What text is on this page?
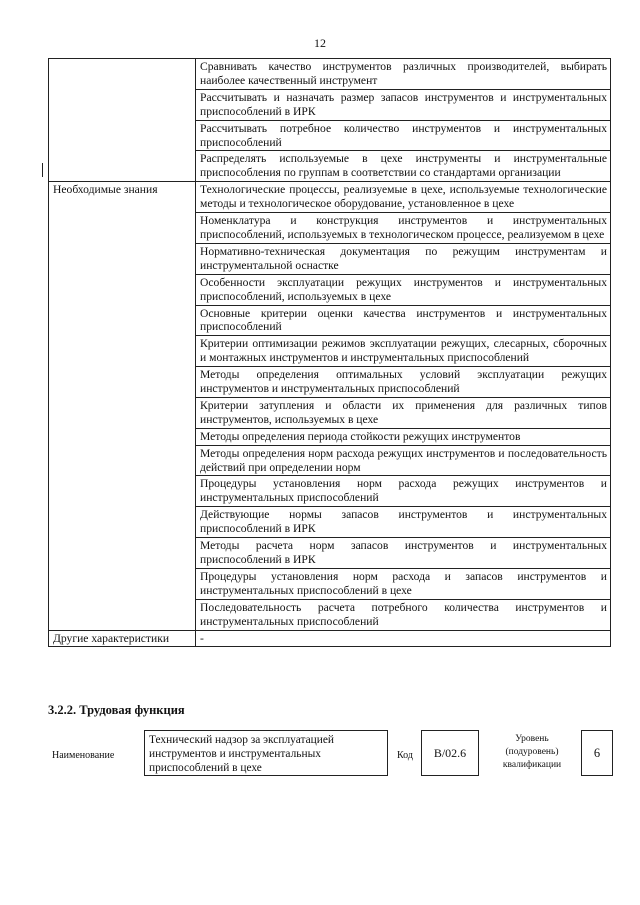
12
	Сравнивать качество инструментов различных производителей, выбирать наиболее качественный инструмент
	Рассчитывать и назначать размер запасов инструментов и инструментальных приспособлений в ИРК
	Рассчитывать потребное количество инструментов и инструментальных приспособлений
	Распределять используемые в цехе инструменты и инструментальные приспособления по группам в соответствии со стандартами организации
Необходимые знания	Технологические процессы, реализуемые в цехе, используемые технологические методы и технологическое оборудование, установленное в цехе
	Номенклатура и конструкция инструментов и инструментальных приспособлений, используемых в технологическом процессе, реализуемом в цехе
	Нормативно-техническая документация по режущим инструментам и инструментальной оснастке
	Особенности эксплуатации режущих инструментов и инструментальных приспособлений, используемых в цехе
	Основные критерии оценки качества инструментов и инструментальных приспособлений
	Критерии оптимизации режимов эксплуатации режущих, слесарных, сборочных и монтажных инструментов и инструментальных приспособлений
	Методы определения оптимальных условий эксплуатации режущих инструментов и инструментальных приспособлений
	Критерии затупления и области их применения для различных типов инструментов, используемых в цехе
	Методы определения периода стойкости режущих инструментов
	Методы определения норм расхода режущих инструментов и последовательность действий при определении норм
	Процедуры установления норм расхода режущих инструментов и инструментальных приспособлений
	Действующие нормы запасов инструментов и инструментальных приспособлений в ИРК
	Методы расчета норм запасов инструментов и инструментальных приспособлений в ИРК
	Процедуры установления норм расхода и запасов инструментов и инструментальных приспособлений в цехе
	Последовательность расчета потребного количества инструментов и инструментальных приспособлений
Другие характеристики	-
3.2.2. Трудовая функция
Наименование
Технический надзор за эксплуатацией инструментов и инструментальных приспособлений в цехе
Код	В/02.6
Уровень (подуровень) квалификации
6
